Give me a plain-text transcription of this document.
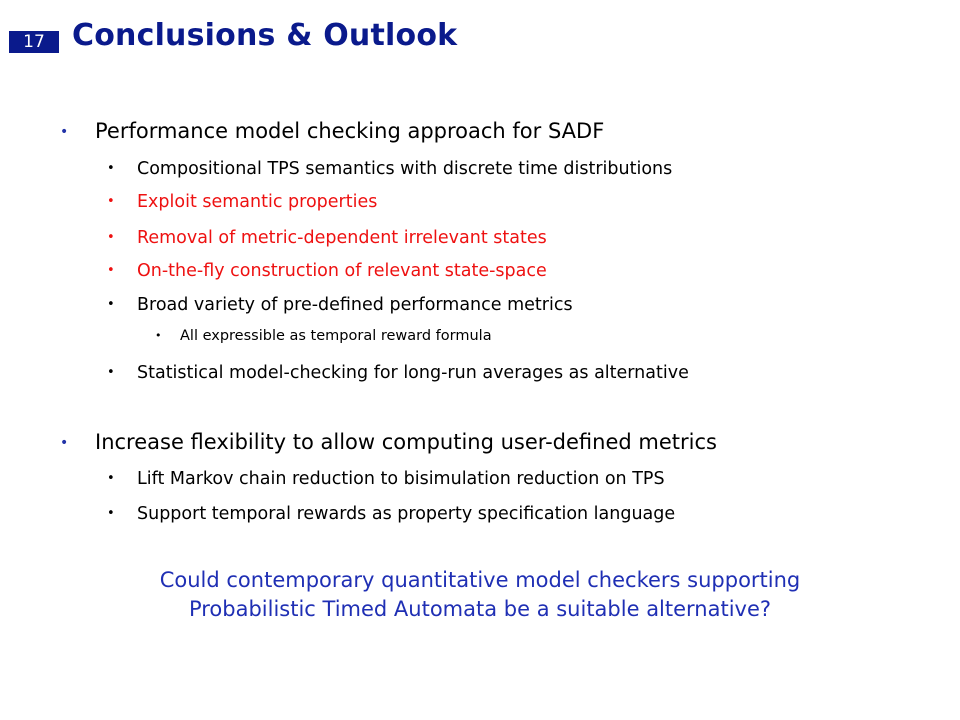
17 Conclusions & Outlook
• Performance model checking approach for SADF
• Compositional TPS semantics with discrete time distributions
• Exploit semantic properties
• Removal of metric-dependent irrelevant states
• On-the-fly construction of relevant state-space
• Broad variety of pre-defined performance metrics
• All expressible as temporal reward formula
• Statistical model-checking for long-run averages as alternative
• Increase flexibility to allow computing user-defined metrics
• Lift Markov chain reduction to bisimulation reduction on TPS
• Support temporal rewards as property specification language
Could contemporary quantitative model checkers supporting
Probabilistic Timed Automata be a suitable alternative?
